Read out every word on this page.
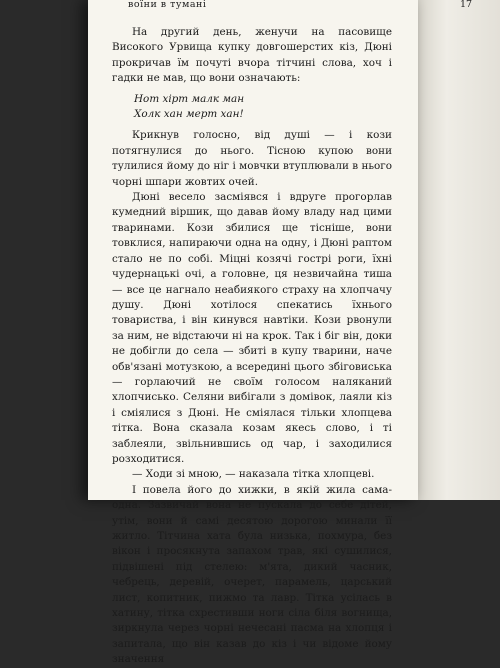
воїни в тумані	17

На другий день, женучи на пасовище Високого Урвища купку довгошерстих кіз, Дюні прокричав їм почуті вчора тітчині слова, хоч і гадки не мав, що вони означають:

Нот хірт малк ман
Холк хан мерт хан!

Крикнув голосно, від душі — і кози потягнулися до нього. Тісною купою вони тулилися йому до ніг і мовчки втуплювали в нього чорні шпари жовтих очей.

Дюні весело засміявся і вдруге прогорлав кумедний віршик, що давав йому владу над цими тваринами. Кози збилися ще тісніше, вони товклися, напираючи одна на одну, і Дюні раптом стало не по собі. Міцні козячі гострі роги, їхні чудернацькі очі, а головне, ця незвичайна тиша — все це нагнало неабиякого страху на хлопчачу душу. Дюні хотілося спекатись їхнього товариства, і він кинувся навтіки. Кози рвонули за ним, не відстаючи ні на крок. Так і біг він, доки не добігли до села — збиті в купу тварини, наче обв'язані мотузкою, а всередині цього збіговиська — горлаючий не своїм голосом наляканий хлопчисько. Селяни вибігали з домівок, лаяли кіз і сміялися з Дюні. Не сміялася тільки хлопцева тітка. Вона сказала козам якесь слово, і ті заблеяли, звільнившись од чар, і заходилися розходитися.

— Ходи зі мною, — наказала тітка хлопцеві.

І повела його до хижки, в якій жила сама-одна. Зазвичай вона не пускала до себе дітей, утім, вони й самі десятою дорогою минали її житло. Тітчина хата була низька, похмура, без вікон і просякнута запахом трав, які сушилися, підвішені під стелею: м'ята, дикий часник, чебрець, деревій, очерет, парамель, царський лист, копитник, пижмо та лавр. Тітка усілась в хатину, тітка схрестивши ноги сіла біля вогнища, зиркнула через чорні нечесані пасма на хлопця і запитала, що він казав до кіз і чи відоме йому значення
